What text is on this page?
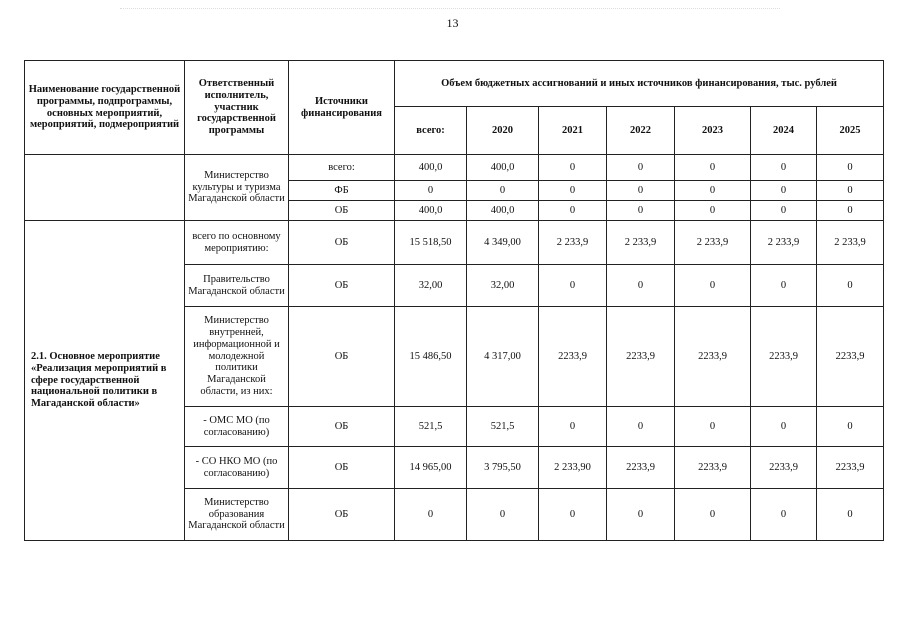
13
Наименование государственной программы, подпрограммы, основных мероприятий, мероприятий, подмероприятий	Ответственный исполнитель, участник государственной программы	Источники финансирования	Объем бюджетных ассигнований и иных источников финансирования, тыс. рублей						
			всего:	2020	2021	2022	2023	2024	2025
	Министерство культуры и туризма Магаданской области	всего:	400,0	400,0	0	0	0	0	0
		ФБ	0	0	0	0	0	0	0
		ОБ	400,0	400,0	0	0	0	0	0
2.1. Основное мероприятие «Реализация мероприятий в сфере государственной национальной политики в Магаданской области»	всего по основному мероприятию:	ОБ	15 518,50	4 349,00	2 233,9	2 233,9	2 233,9	2 233,9	2 233,9
	Правительство Магаданской области	ОБ	32,00	32,00	0	0	0	0	0
	Министерство внутренней, информационной и молодежной политики Магаданской области, из них:	ОБ	15 486,50	4 317,00	2233,9	2233,9	2233,9	2233,9	2233,9
	- ОМС МО (по согласованию)	ОБ	521,5	521,5	0	0	0	0	0
	- СО НКО МО (по согласованию)	ОБ	14 965,00	3 795,50	2 233,90	2233,9	2233,9	2233,9	2233,9
	Министерство образования Магаданской области	ОБ	0	0	0	0	0	0	0
